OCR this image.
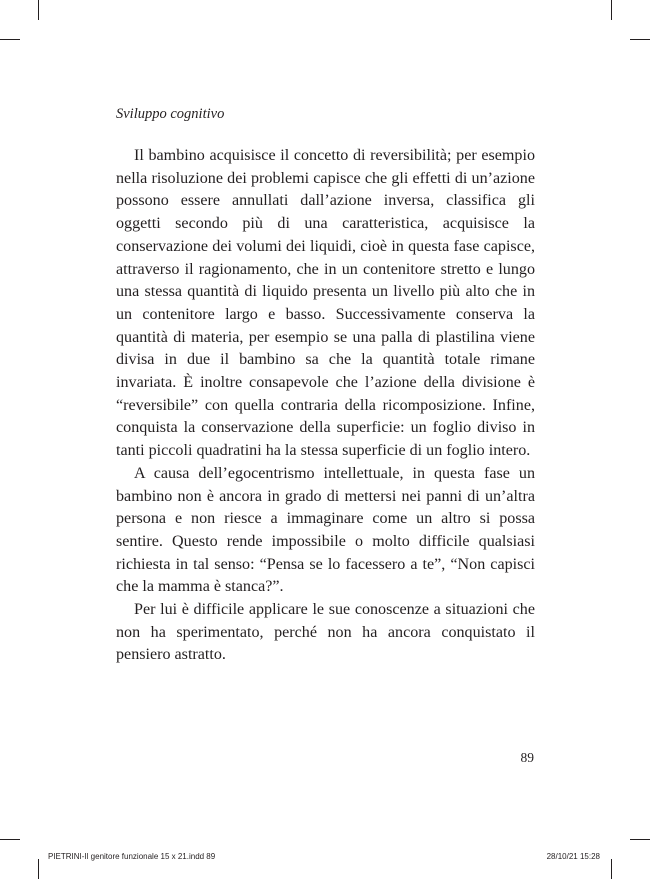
Sviluppo cognitivo

Il bambino acquisisce il concetto di reversibilità; per esempio nella risoluzione dei problemi capisce che gli effetti di un’azione possono essere annullati dall’azione inversa, classifica gli oggetti secondo più di una caratteristica, acquisisce la conservazione dei volumi dei liquidi, cioè in questa fase capisce, attraverso il ragionamento, che in un contenitore stretto e lungo una stessa quantità di liquido presenta un livello più alto che in un contenitore largo e basso. Successivamente conserva la quantità di materia, per esempio se una palla di plastilina viene divisa in due il bambino sa che la quantità totale rimane invariata. È inoltre consapevole che l’azione della divisione è “reversibile” con quella contraria della ricomposizione. Infine, conquista la conservazione della superficie: un foglio diviso in tanti piccoli quadratini ha la stessa superficie di un foglio intero.

A causa dell’egocentrismo intellettuale, in questa fase un bambino non è ancora in grado di mettersi nei panni di un’altra persona e non riesce a immaginare come un altro si possa sentire. Questo rende impossibile o molto difficile qualsiasi richiesta in tal senso: “Pensa se lo facessero a te”, “Non capisci che la mamma è stanca?”.

Per lui è difficile applicare le sue conoscenze a situazioni che non ha sperimentato, perché non ha ancora conquistato il pensiero astratto.

89
PIETRINI-Il genitore funzionale 15 x 21.indd 89	28/10/21 15:28
